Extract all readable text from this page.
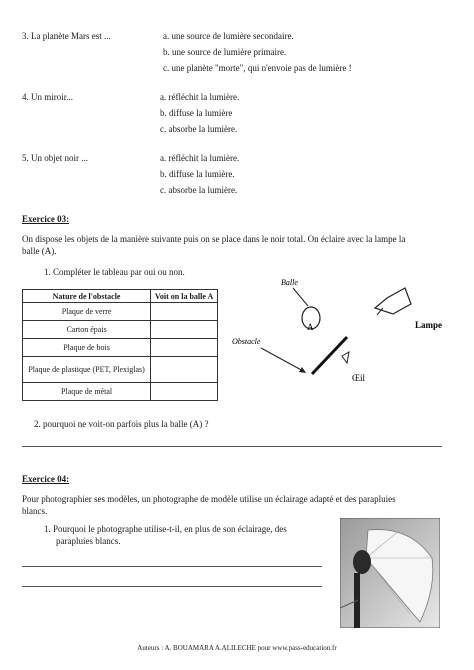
3. La planète Mars est ...	a. une source de lumière secondaire.
b. une source de lumière primaire.
c. une planète "morte", qui n'envoie pas de lumière !
4. Un miroir...	a. réfléchit la lumière.
b. diffuse la lumière
c. absorbe la lumière.
5. Un objet noir ...	a. réfléchit la lumière.
b. diffuse la lumière.
c. absorbe la lumière.
Exercice 03:
On dispose les objets de la manière suivante puis on se place dans le noir total. On éclaire avec la lampe la
balle (A).
1. Compléter le tableau par oui ou non.
Nature de l'obstacle	Voit on la balle A
Plaque de verre	
Carton épais	
Plaque de bois	
Plaque de plastique (PET, Plexiglas)	
Plaque de métal	
Balle
A
Obstacle
Œil
Lampe
2. pourquoi ne voit-on parfois plus la balle (A) ?
Exercice 04:
Pour photographier ses modèles, un photographe de modèle utilise un éclairage adapté et des parapluies
blancs.
1. Pourquoi le photographe utilise-t-il, en plus de son éclairage, des
parapluies blancs.
Auteurs : A. BOUAMARA A.ALILECHE pour www.pass-education.fr
